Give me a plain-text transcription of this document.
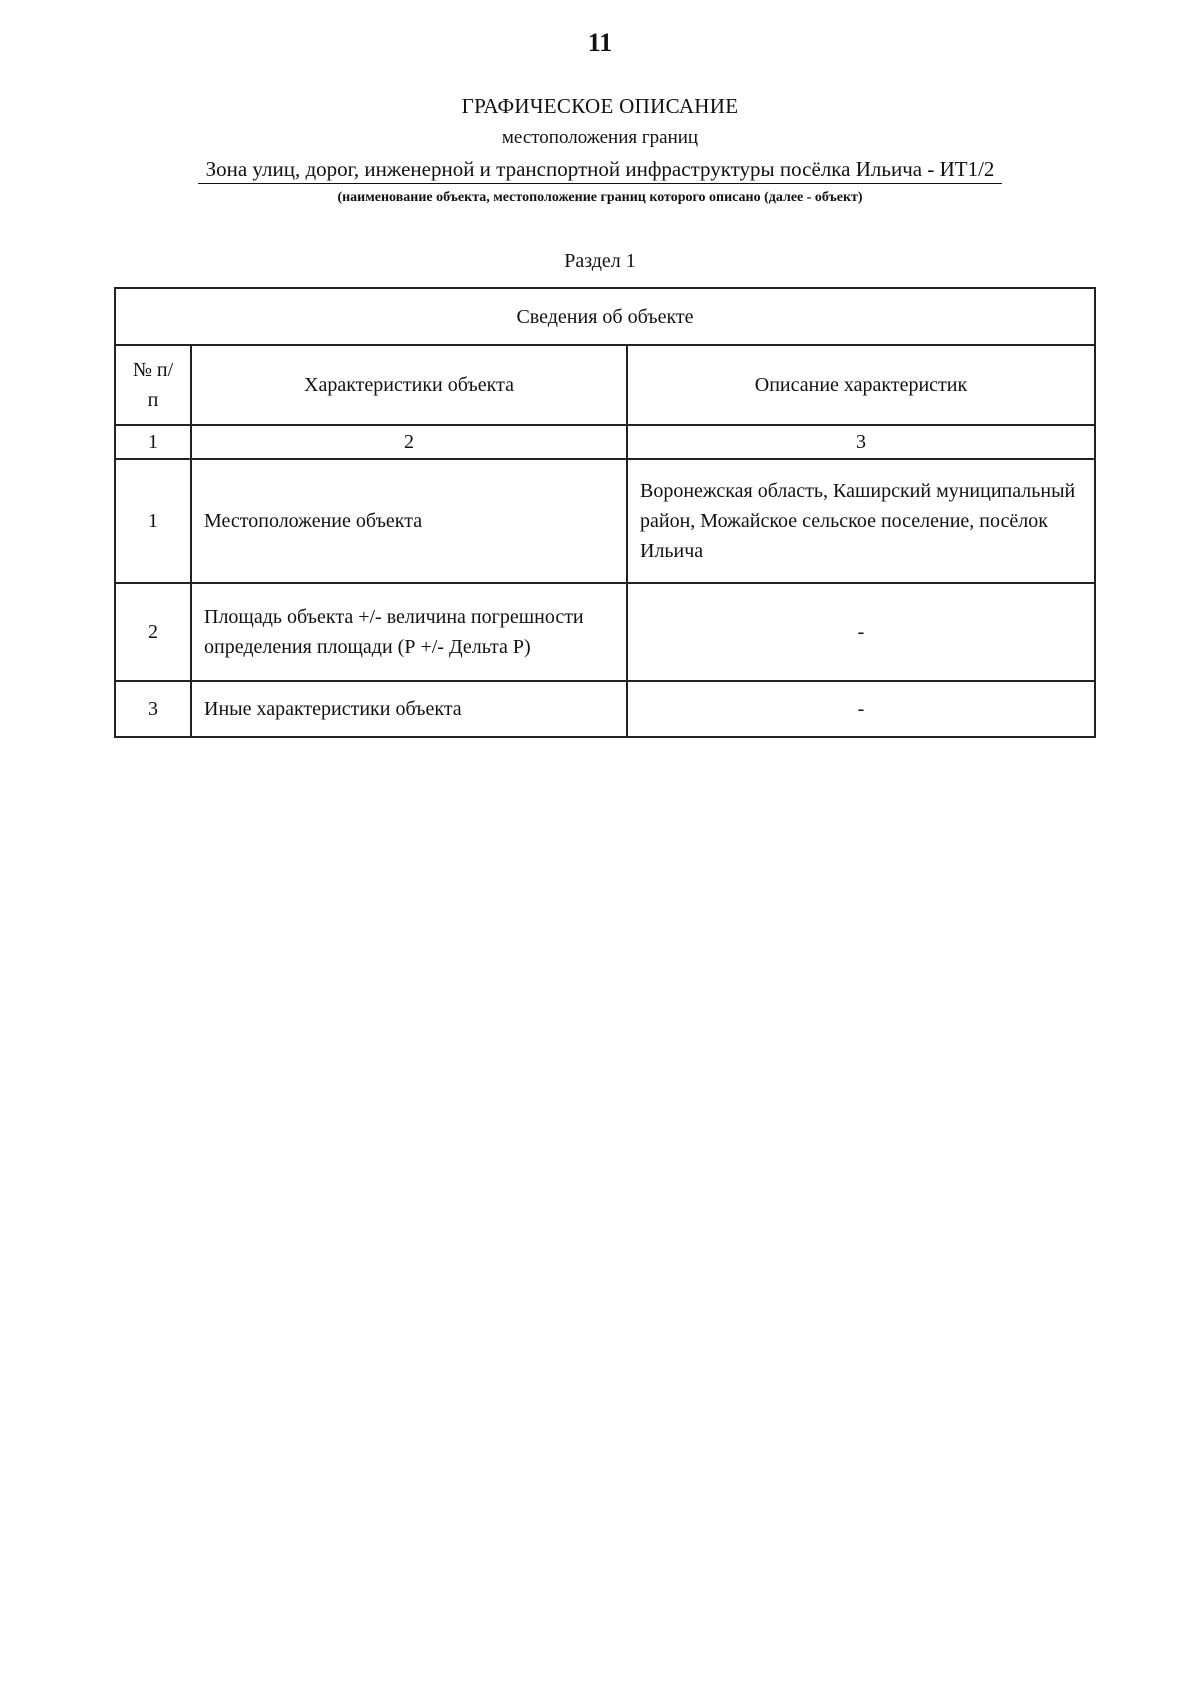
11
ГРАФИЧЕСКОЕ ОПИСАНИЕ
местоположения границ
Зона улиц, дорог, инженерной и транспортной инфраструктуры посёлка Ильича - ИТ1/2
(наименование объекта, местоположение границ которого описано (далее - объект)
Раздел 1
Сведения об объекте		
№ п/п	Характеристики объекта	Описание характеристик
1	2	3
1	Местоположение объекта	Воронежская область, Каширский муниципальный район, Можайское сельское поселение, посёлок Ильича
2	Площадь объекта +/- величина погрешности определения площади (Р +/- Дельта Р)	-
3	Иные характеристики объекта	-
